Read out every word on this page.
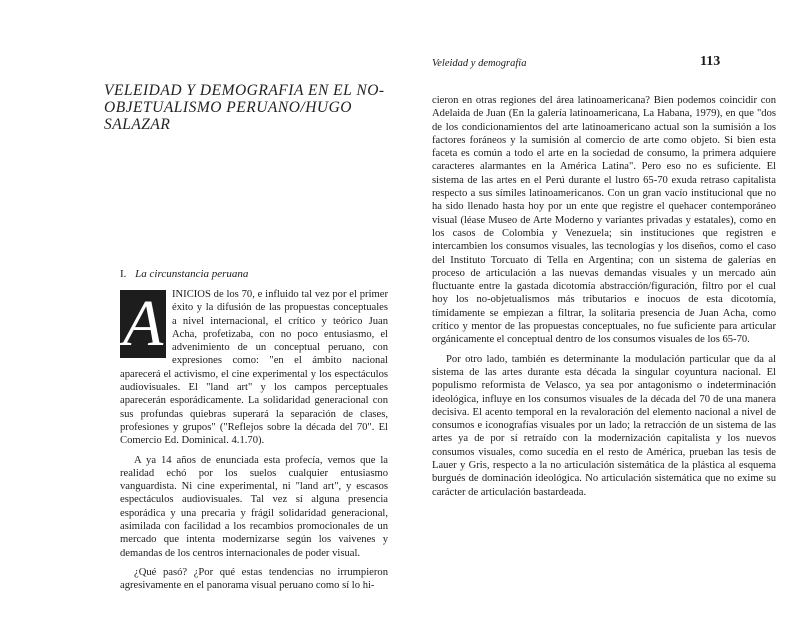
VELEIDAD Y DEMOGRAFIA EN EL NO-OBJETUALISMO PERUANO/HUGO SALAZAR
I. La circunstancia peruana

A INICIOS de los 70, e influido tal vez por el primer éxito y la difusión de las propuestas conceptuales a nivel internacional, el crítico y teórico Juan Acha, profetizaba, con no poco entusiasmo, el advenimiento de un conceptual peruano, con expresiones como: "en el ámbito nacional aparecerá el activismo, el cine experimental y los espectáculos audiovisuales. El "land art" y los campos perceptuales aparecerán esporádicamente. La solidaridad generacional con sus profundas quiebras superará la separación de clases, profesiones y grupos" ("Reflejos sobre la década del 70". El Comercio Ed. Dominical. 4.1.70).

A ya 14 años de enunciada esta profecía, vemos que la realidad echó por los suelos cualquier entusiasmo vanguardista. Ni cine experimental, ni "land art", y escasos espectáculos audiovisuales. Tal vez sí alguna presencia esporádica y una precaria y frágil solidaridad generacional, asimilada con facilidad a los recambios promocionales de un mercado que intenta modernizarse según los vaivenes y demandas de los centros internacionales de poder visual.

¿Qué pasó? ¿Por qué estas tendencias no irrumpieron agresivamente en el panorama visual peruano como sí lo hi-

Veleidad y demografía	113

cieron en otras regiones del área latinoamericana? Bien podemos coincidir con Adelaida de Juan (En la galería latinoamericana, La Habana, 1979), en que "dos de los condicionamientos del arte latinoamericano actual son la sumisión a los factores foráneos y la sumisión al comercio de arte como objeto. Si bien esta faceta es común a todo el arte en la sociedad de consumo, la primera adquiere caracteres alarmantes en la América Latina". Pero eso no es suficiente. El sistema de las artes en el Perú durante el lustro 65-70 exuda retraso capitalista respecto a sus símiles latinoamericanos. Con un gran vacío institucional que no ha sido llenado hasta hoy por un ente que registre el quehacer contemporáneo visual (léase Museo de Arte Moderno y variantes privadas y estatales), como en los casos de Colombia y Venezuela; sin instituciones que registren e intercambien los consumos visuales, las tecnologías y los diseños, como el caso del Instituto Torcuato di Tella en Argentina; con un sistema de galerías en proceso de articulación a las nuevas demandas visuales y un mercado aún fluctuante entre la gastada dicotomía abstracción/figuración, filtro por el cual hoy los no-objetualismos más tributarios e inocuos de esta dicotomía, tímidamente se empiezan a filtrar, la solitaria presencia de Juan Acha, como crítico y mentor de las propuestas conceptuales, no fue suficiente para articular orgánicamente el conceptual dentro de los consumos visuales de los 65-70.

Por otro lado, también es determinante la modulación particular que da al sistema de las artes durante esta década la singular coyuntura nacional. El populismo reformista de Velasco, ya sea por antagonismo o indeterminación ideológica, influye en los consumos visuales de la década del 70 de una manera decisiva. El acento temporal en la revaloración del elemento nacional a nivel de consumos e iconografías visuales por un lado; la retracción de un sistema de las artes ya de por sí retraído con la modernización capitalista y los nuevos consumos visuales, como sucedía en el resto de América, prueban las tesis de Lauer y Gris, respecto a la no articulación sistemática de la plástica al esquema burgués de dominación ideológica. No articulación sistemática que no exime su carácter de articulación bastardeada.
